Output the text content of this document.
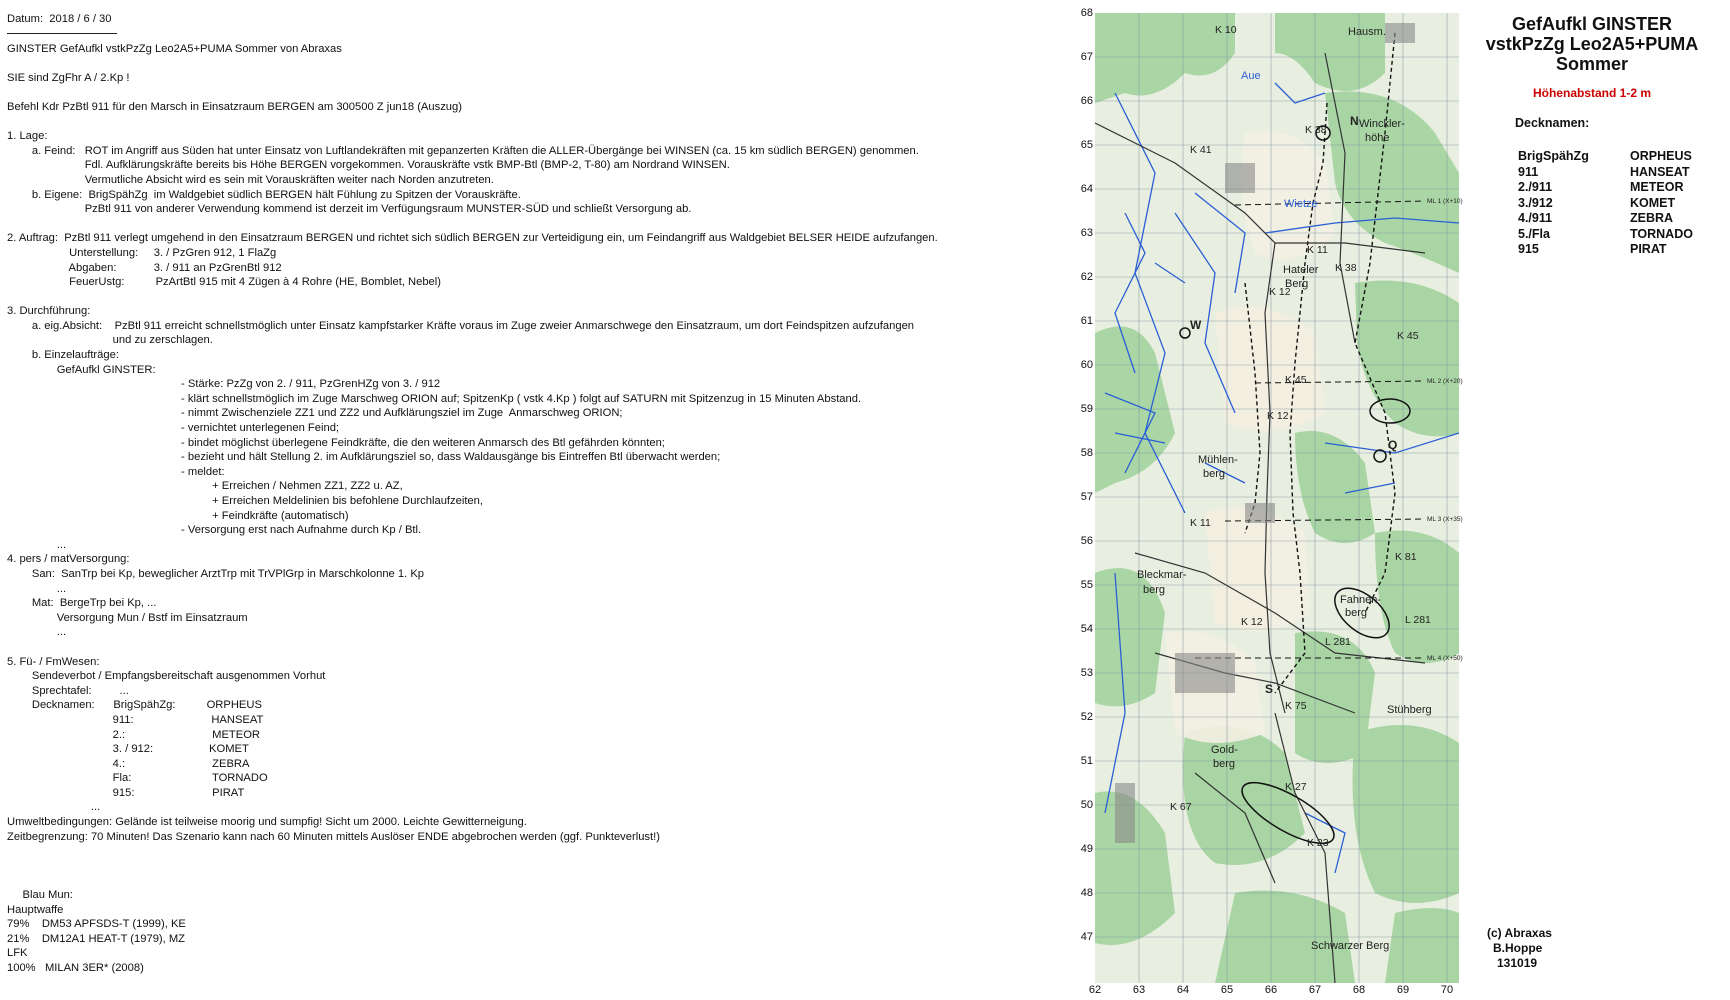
Datum:  2018 / 6 / 30
GINSTER GefAufkl vstkPzZg Leo2A5+PUMA Sommer von Abraxas
SIE sind ZgFhr A / 2.Kp !
Befehl Kdr PzBtl 911 für den Marsch in Einsatzraum BERGEN am 300500 Z jun18 (Auszug)
1. Lage:
a. Feind:   ROT im Angriff aus Süden hat unter Einsatz von Luftlandekräften mit gepanzerten Kräften die ALLER-Übergänge bei WINSEN (ca. 15 km südlich BERGEN) genommen.
Fdl. Aufklärungskräfte bereits bis Höhe BERGEN vorgekommen. Vorauskräfte vstk BMP-Btl (BMP-2, T-80) am Nordrand WINSEN.
Vermutliche Absicht wird es sein mit Vorauskräften weiter nach Norden anzutreten.
b. Eigene:  BrigSpähZg  im Waldgebiet südlich BERGEN hält Fühlung zu Spitzen der Vorauskräfte.
PzBtl 911 von anderer Verwendung kommend ist derzeit im Verfügungsraum MUNSTER-SÜD und schließt Versorgung ab.
2. Auftrag:  PzBtl 911 verlegt umgehend in den Einsatzraum BERGEN und richtet sich südlich BERGEN zur Verteidigung ein, um Feindangriff aus Waldgebiet BELSER HEIDE aufzufangen.
Unterstellung:     3. / PzGren 912, 1 FlaZg
Abgaben:            3. / 911 an PzGrenBtl 912
FeuerUstg:          PzArtBtl 915 mit 4 Zügen à 4 Rohre (HE, Bomblet, Nebel)
3. Durchführung:
a. eig.Absicht:    PzBtl 911 erreicht schnellstmöglich unter Einsatz kampfstarker Kräfte voraus im Zuge zweier Anmarschwege den Einsatzraum, um dort Feindspitzen aufzufangen
und zu zerschlagen.
b. Einzelaufträge:
GefAufkl GINSTER:
- Stärke: PzZg von 2. / 911, PzGrenHZg von 3. / 912
- klärt schnellstmöglich im Zuge Marschweg ORION auf; SpitzenKp ( vstk 4.Kp ) folgt auf SATURN mit Spitzenzug in 15 Minuten Abstand.
- nimmt Zwischenziele ZZ1 und ZZ2 und Aufklärungsziel im Zuge  Anmarschweg ORION;
- vernichtet unterlegenen Feind;
- bindet möglichst überlegene Feindkräfte, die den weiteren Anmarsch des Btl gefährden könnten;
- bezieht und hält Stellung 2. im Aufklärungsziel so, dass Waldausgänge bis Eintreffen Btl überwacht werden;
- meldet:
+ Erreichen / Nehmen ZZ1, ZZ2 u. AZ,
+ Erreichen Meldelinien bis befohlene Durchlaufzeiten,
+ Feindkräfte (automatisch)
- Versorgung erst nach Aufnahme durch Kp / Btl.
...
4. pers / matVersorgung:
San:  SanTrp bei Kp, beweglicher ArztTrp mit TrVPlGrp in Marschkolonne 1. Kp
...
Mat:  BergeTrp bei Kp, ...
Versorgung Mun / Bstf im Einsatzraum
...
5. Fü- / FmWesen:
Sendeverbot / Empfangsbereitschaft ausgenommen Vorhut
Sprechtafel:         ...
Decknamen:      BrigSpähZg:          ORPHEUS
911:                         HANSEAT
2.:                            METEOR
3. / 912:                  KOMET
4.:                            ZEBRA
Fla:                          TORNADO
915:                         PIRAT
...
Umweltbedingungen: Gelände ist teilweise moorig und sumpfig! Sicht um 2000. Leichte Gewitterneigung.
Zeitbegrenzung: 70 Minuten! Das Szenario kann nach 60 Minuten mittels Auslöser ENDE abgebrochen werden (ggf. Punkteverlust!)
Blau Mun:
Hauptwaffe
79%    DM53 APFSDS-T (1999), KE
21%    DM12A1 HEAT-T (1979), MZ
LFK
100%   MILAN 3ER* (2008)
68
67
66
65
64
63
62
61
60
59
58
57
56
55
54
53
52
51
50
49
48
47
62	63	64	65	66	67	68	69	70
Hausm.
Aue
Wietze
Winckler-
höhe
Hateler
Berg
Mühlen-
berg
Bleckmar-
berg
Fahnen-
berg
Stühberg
Gold-
berg
Schwarzer Berg
K 10
K 38
K 41
K 11
K 38
K 12
K 45
K 45
K 12
K 11
K 81
K 12
L 281
L 281
K 75
K 27
K 67
K 23
N
W
Q
S
ML 1 (X+10)
ML 2 (X+20)
ML 3 (X+35)
ML 4 (X+50)
GefAufkl GINSTER
vstkPzZg Leo2A5+PUMA
Sommer
Höhenabstand 1-2 m
Decknamen:
BrigSpähZg	ORPHEUS
911	HANSEAT
2./911	METEOR
3./912	KOMET
4./911	ZEBRA
5./Fla	TORNADO
915	PIRAT
(c) Abraxas
B.Hoppe
131019
